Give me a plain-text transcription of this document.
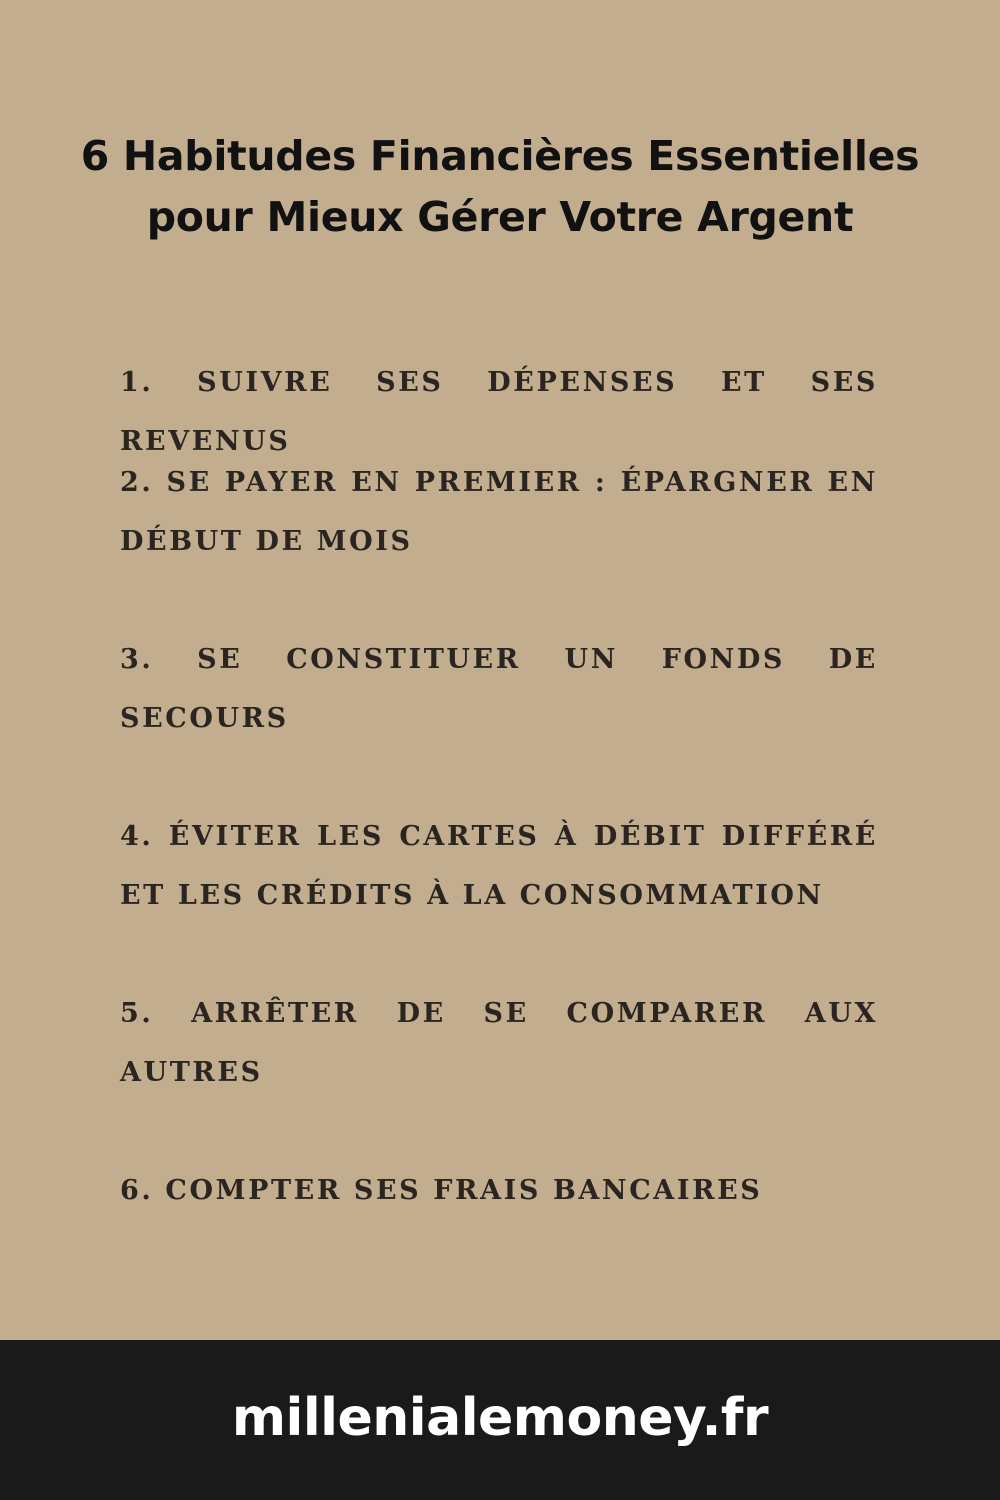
6 Habitudes Financières Essentielles
pour Mieux Gérer Votre Argent
1. SUIVRE SES DÉPENSES ET SES REVENUS
2. SE PAYER EN PREMIER : ÉPARGNER EN DÉBUT DE MOIS
3. SE CONSTITUER UN FONDS DE SECOURS
4. ÉVITER LES CARTES À DÉBIT DIFFÉRÉ ET LES CRÉDITS À LA CONSOMMATION
5. ARRÊTER DE SE COMPARER AUX AUTRES
6. COMPTER SES FRAIS BANCAIRES
millenialemoney.fr
